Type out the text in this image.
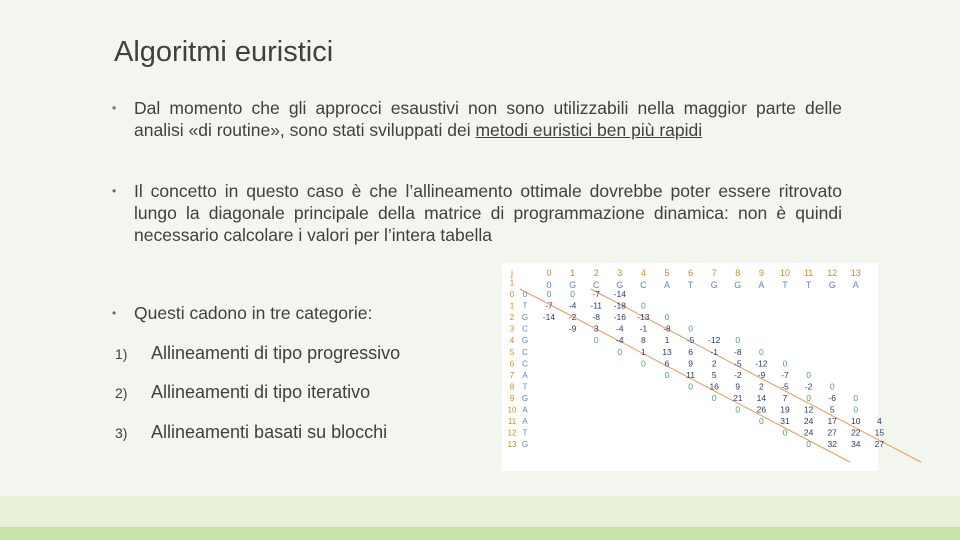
Algoritmi euristici
• Dal momento che gli approcci esaustivi non sono utilizzabili nella maggior parte delle analisi «di routine», sono stati sviluppati dei metodi euristici ben più rapidi
• Il concetto in questo caso è che l’allineamento ottimale dovrebbe poter essere ritrovato lungo la diagonale principale della matrice di programmazione dinamica: non è quindi necessario calcolare i valori per l’intera tabella
• Questi cadono in tre categorie:
1) Allineamenti di tipo progressivo
2) Allineamenti di tipo iterativo
3) Allineamenti basati su blocchi
j	0 1 2 3 4 5 6 7 8 9 10 11 12 13
0 G C G C A T G G A T T G A
1
0
1
2
3
4
5
6
7
8
9
10
11
12
13
0
T
G
C
G
C
C
A
T
G
A
A
T
G
0 0 -7 -14
-7 -4 -11 -18 0
-14 -2 -8 -16 -13 0
-9 3 -4 -1 -8 0
0 -4 8 1 -5 -12 0
0 1 13 6 -1 -8 0
0 6 9 2 -5 -12 0
0 11 5 -2 -9 -7 0
0 16 9 2 -5 -2 0
0 21 14 7 0 -6 0
0 26 19 12 5 0
0 31 24 17 10 4
0 24 27 22 15
0 32 34 27
